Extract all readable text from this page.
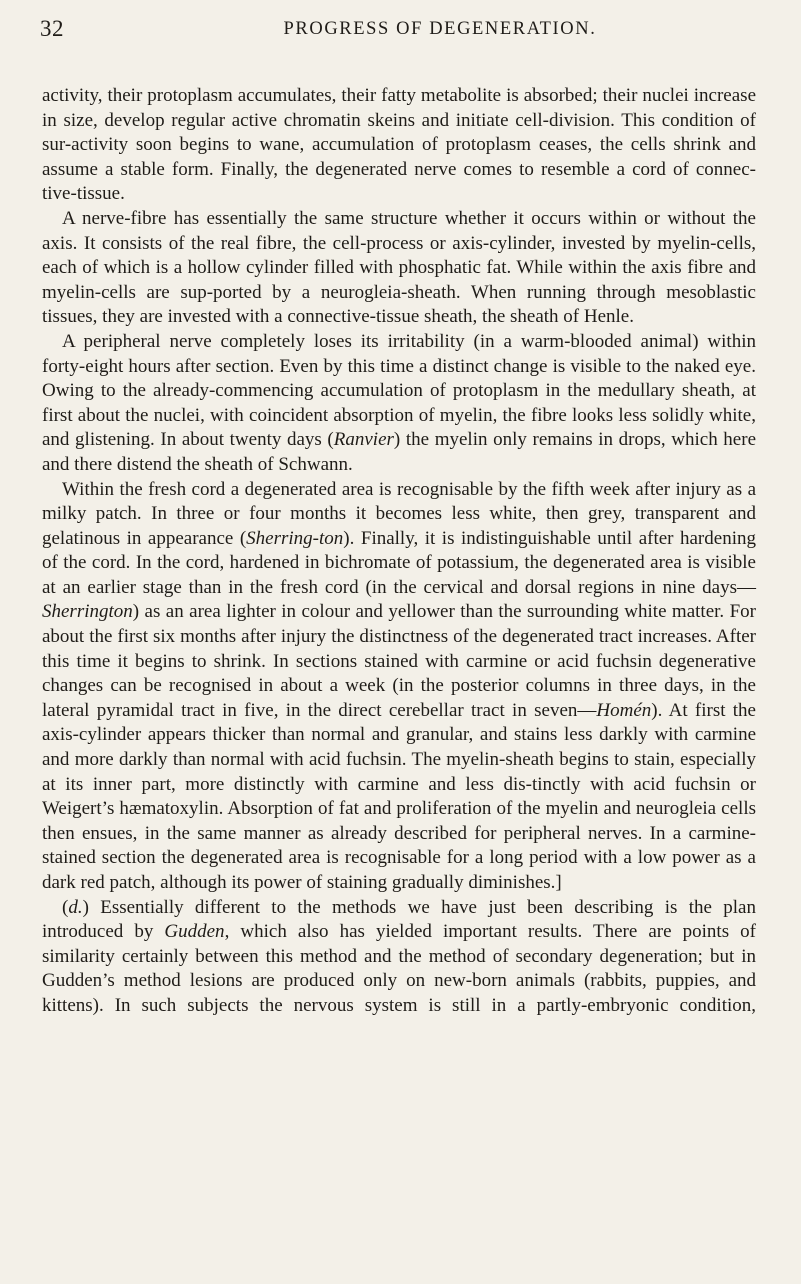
32	PROGRESS OF DEGENERATION.

activity, their protoplasm accumulates, their fatty metabolite is absorbed; their nuclei increase in size, develop regular active chromatin skeins and initiate cell-division. This condition of sur-activity soon begins to wane, accumulation of protoplasm ceases, the cells shrink and assume a stable form. Finally, the degenerated nerve comes to resemble a cord of connec-tive-tissue.

A nerve-fibre has essentially the same structure whether it occurs within or without the axis. It consists of the real fibre, the cell-process or axis-cylinder, invested by myelin-cells, each of which is a hollow cylinder filled with phosphatic fat. While within the axis fibre and myelin-cells are sup-ported by a neurogleia-sheath. When running through mesoblastic tissues, they are invested with a connective-tissue sheath, the sheath of Henle.

A peripheral nerve completely loses its irritability (in a warm-blooded animal) within forty-eight hours after section. Even by this time a distinct change is visible to the naked eye. Owing to the already-commencing accumulation of protoplasm in the medullary sheath, at first about the nuclei, with coincident absorption of myelin, the fibre looks less solidly white, and glistening. In about twenty days (Ranvier) the myelin only remains in drops, which here and there distend the sheath of Schwann.

Within the fresh cord a degenerated area is recognisable by the fifth week after injury as a milky patch. In three or four months it becomes less white, then grey, transparent and gelatinous in appearance (Sherring-ton). Finally, it is indistinguishable until after hardening of the cord. In the cord, hardened in bichromate of potassium, the degenerated area is visible at an earlier stage than in the fresh cord (in the cervical and dorsal regions in nine days—Sherrington) as an area lighter in colour and yellower than the surrounding white matter. For about the first six months after injury the distinctness of the degenerated tract increases. After this time it begins to shrink. In sections stained with carmine or acid fuchsin degenerative changes can be recognised in about a week (in the posterior columns in three days, in the lateral pyramidal tract in five, in the direct cerebellar tract in seven—Homén). At first the axis-cylinder appears thicker than normal and granular, and stains less darkly with carmine and more darkly than normal with acid fuchsin. The myelin-sheath begins to stain, especially at its inner part, more distinctly with carmine and less dis-tinctly with acid fuchsin or Weigert’s hæmatoxylin. Absorption of fat and proliferation of the myelin and neurogleia cells then ensues, in the same manner as already described for peripheral nerves. In a carmine-stained section the degenerated area is recognisable for a long period with a low power as a dark red patch, although its power of staining gradually diminishes.]

(d.) Essentially different to the methods we have just been describing is the plan introduced by Gudden, which also has yielded important results. There are points of similarity certainly between this method and the method of secondary degeneration; but in Gudden’s method lesions are produced only on new-born animals (rabbits, puppies, and kittens). In such subjects the nervous system is still in a partly-embryonic condition,
